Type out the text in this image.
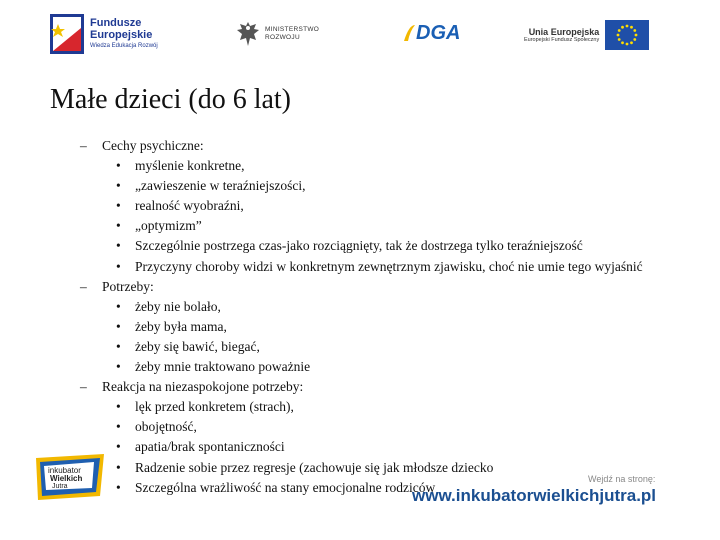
Fundusze
Europejskie
Wiedza Edukacja Rozwój
MINISTERSTWO
ROZWOJU	DGA	Unia Europejska
Europejski Fundusz Społeczny
Małe dzieci (do 6 lat)
– Cechy psychiczne:
• myślenie konkretne,
• „zawieszenie w teraźniejszości,
• realność wyobraźni,
• „optymizm”
• Szczególnie postrzega czas-jako rozciągnięty, tak że dostrzega tylko teraźniejszość
• Przyczyny choroby widzi w konkretnym zewnętrznym zjawisku, choć nie umie tego wyjaśnić
– Potrzeby:
• żeby nie bolało,
• żeby była mama,
• żeby się bawić, biegać,
• żeby mnie traktowano poważnie
– Reakcja na niezaspokojone potrzeby:
• lęk przed konkretem (strach),
• obojętność,
• apatia/brak spontaniczności
• Radzenie sobie przez regresje (zachowuje się jak młodsze dziecko
• Szczególna wrażliwość na stany emocjonalne rodziców
inkubator
Wielkich
Jutra
Wejdź na stronę:
www.inkubatorwielkichjutra.pl
